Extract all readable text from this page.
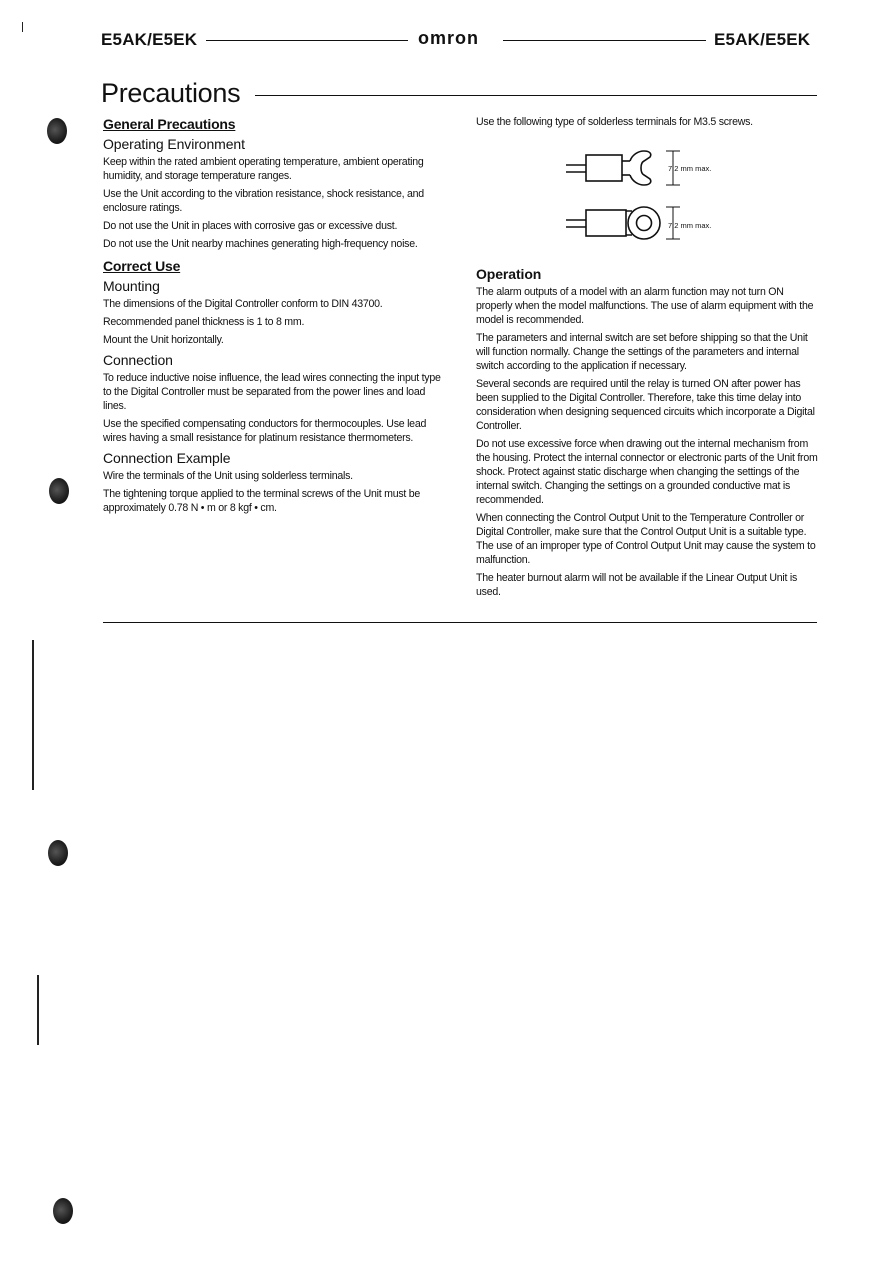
E5AK/E5EK	omron	E5AK/E5EK
Precautions
General Precautions
Operating Environment

Keep within the rated ambient operating temperature, ambient operating humidity, and storage temperature ranges.

Use the Unit according to the vibration resistance, shock resistance, and enclosure ratings.

Do not use the Unit in places with corrosive gas or excessive dust.

Do not use the Unit nearby machines generating high-frequency noise.

Correct Use
Mounting

The dimensions of the Digital Controller conform to DIN 43700.

Recommended panel thickness is 1 to 8 mm.

Mount the Unit horizontally.

Connection

To reduce inductive noise influence, the lead wires connecting the input type to the Digital Controller must be separated from the power lines and load lines.

Use the specified compensating conductors for thermocouples. Use lead wires having a small resistance for platinum resistance thermometers.

Connection Example

Wire the terminals of the Unit using solderless terminals.

The tightening torque applied to the terminal screws of the Unit must be approximately 0.78 N • m or 8 kgf • cm.

Use the following type of solderless terminals for M3.5 screws.

7.2 mm max.
7.2 mm max.
Operation

The alarm outputs of a model with an alarm function may not turn ON properly when the model malfunctions. The use of alarm equipment with the model is recommended.

The parameters and internal switch are set before shipping so that the Unit will function normally. Change the settings of the parameters and internal switch according to the application if necessary.

Several seconds are required until the relay is turned ON after power has been supplied to the Digital Controller. Therefore, take this time delay into consideration when designing sequenced circuits which incorporate a Digital Controller.

Do not use excessive force when drawing out the internal mechanism from the housing. Protect the internal connector or electronic parts of the Unit from shock. Protect against static discharge when changing the settings of the internal switch. Changing the settings on a grounded conductive mat is recommended.

When connecting the Control Output Unit to the Temperature Controller or Digital Controller, make sure that the Control Output Unit is a suitable type. The use of an improper type of Control Output Unit may cause the system to malfunction.

The heater burnout alarm will not be available if the Linear Output Unit is used.
